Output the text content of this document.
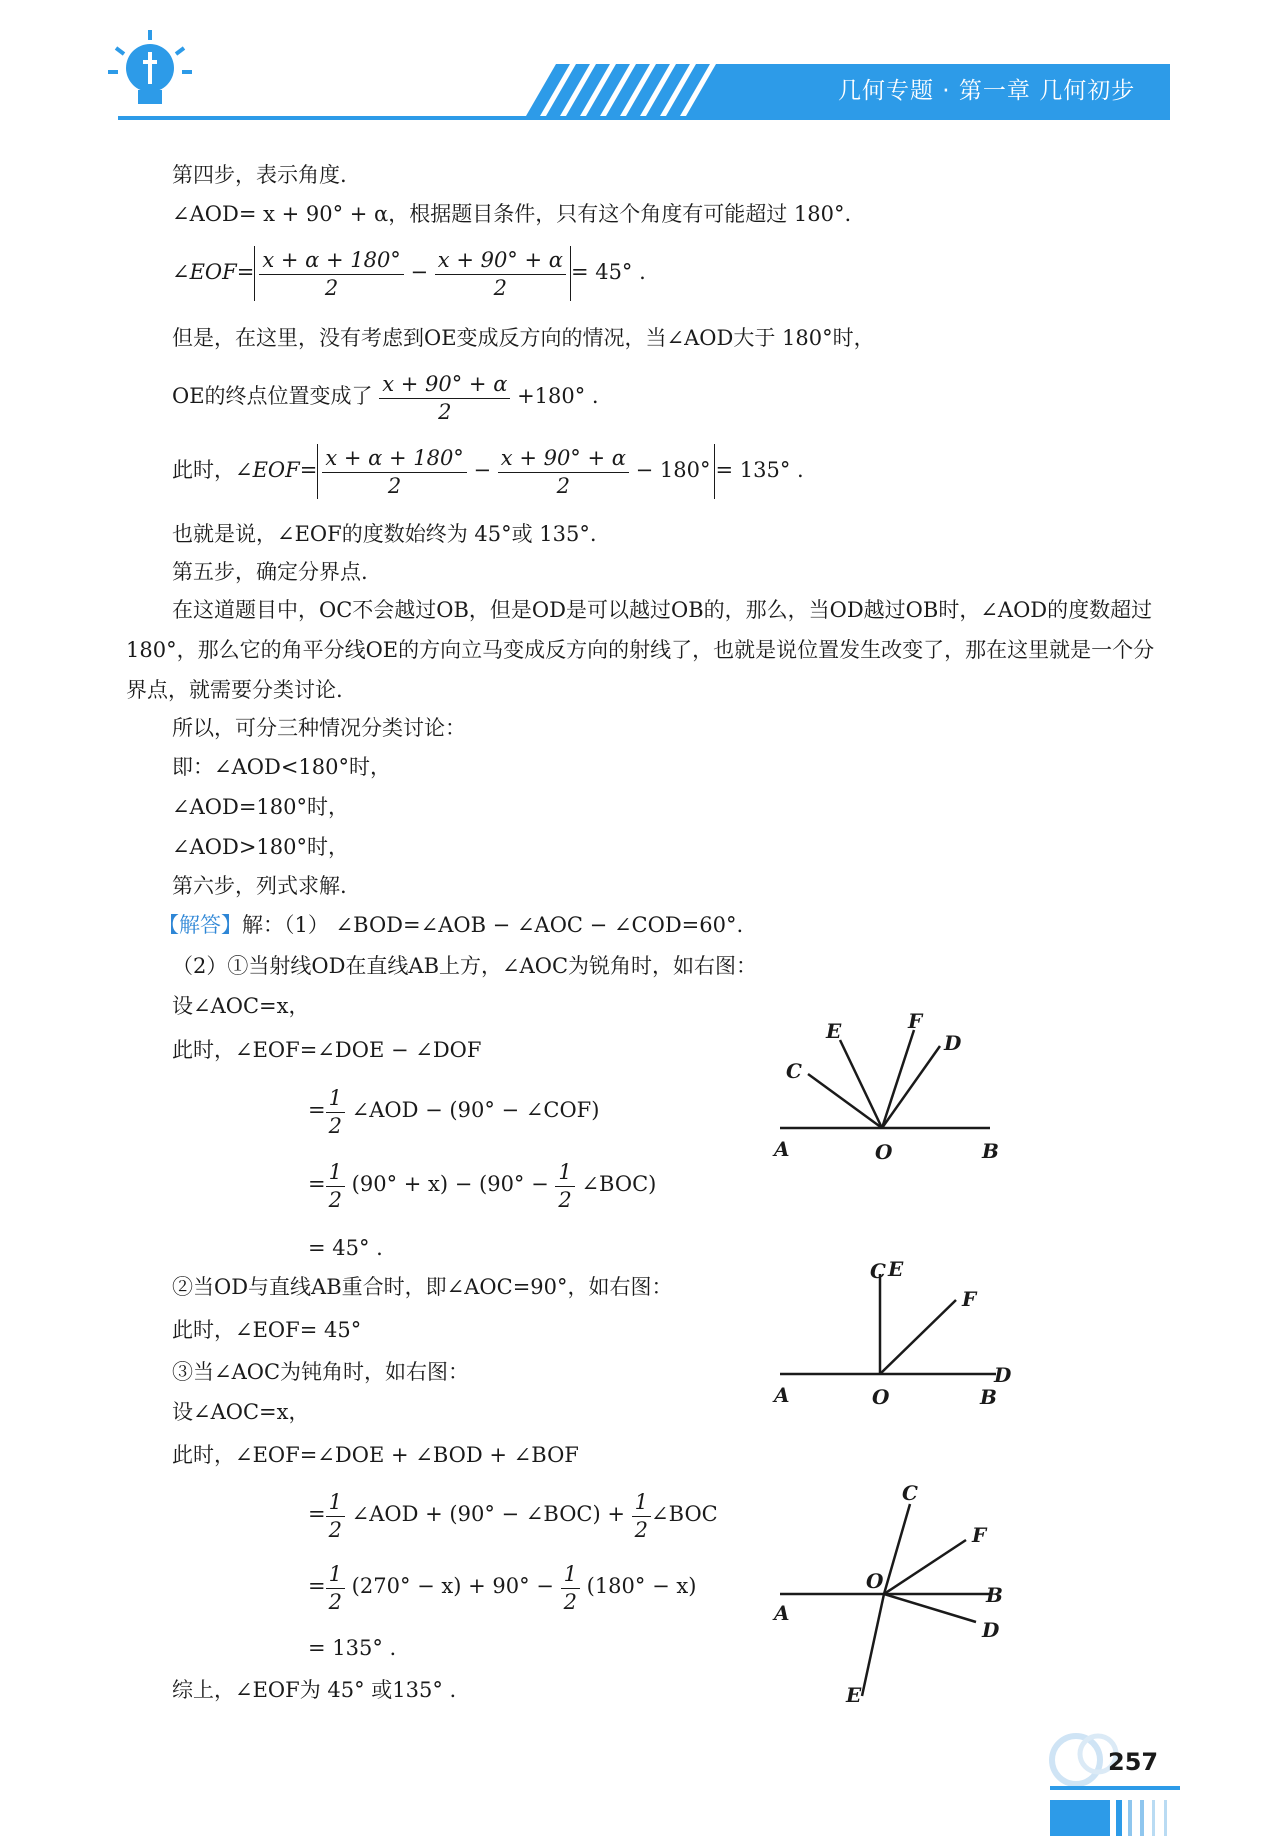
几何专题 · 第一章 几何初步
第四步，表示角度.
∠AOD= x + 90° + α，根据题目条件，只有这个角度有可能超过 180°.
∠EOF= $\frac{x + \alpha + 180^\circ}{2} - \frac{x + 90^\circ + \alpha}{2} = 45^\circ$ .
但是，在这里，没有考虑到OE变成反方向的情况，当∠AOD大于 180°时，
OE的终点位置变成了 $\frac{x + 90^\circ + \alpha}{2} +180^\circ$ .
此时，∠EOF= $\frac{x + \alpha + 180^\circ}{2} - \frac{x + 90^\circ + \alpha}{2} - 180^\circ = 135^\circ$ .
也就是说，∠EOF的度数始终为 45°或 135°.
第五步，确定分界点.
在这道题目中，OC不会越过OB，但是OD是可以越过OB的，那么，当OD越过OB时，∠AOD的度数超过 180°，那么它的角平分线OE的方向立马变成反方向的射线了，也就是说位置发生改变了，那在这里就是一个分界点，就需要分类讨论.
所以，可分三种情况分类讨论：
即：∠AOD<180°时，
∠AOD=180°时，
∠AOD>180°时，
第六步，列式求解.
【解答】解：（1） ∠BOD=∠AOB − ∠AOC − ∠COD=60°.
（2）①当射线OD在直线AB上方，∠AOC为锐角时，如右图：
设∠AOC=x，
此时，∠EOF=∠DOE − ∠DOF
= $\frac{1}{2}$ ∠AOD − (90° − ∠COF)
= $\frac{1}{2} (90^\circ + x) - (90^\circ - \frac{1}{2}$ ∠BOC)
= 45° .
②当OD与直线AB重合时，即∠AOC=90°，如右图：
此时，∠EOF= 45°
③当∠AOC为钝角时，如右图：
设∠AOC=x，
此时，∠EOF=∠DOE + ∠BOD + ∠BOF
= $\frac{1}{2}$ ∠AOD + (90° − ∠BOC) + $\frac{1}{2}$ ∠BOC
= $\frac{1}{2} (270^\circ - x) + 90^\circ - \frac{1}{2} (180^\circ - x)$
= 135° .
综上，∠EOF为 45° 或135° .
A	O	B
C
E	F
D
A	O	B
D
C E
F
A
O
B
C
F
D
E
257
